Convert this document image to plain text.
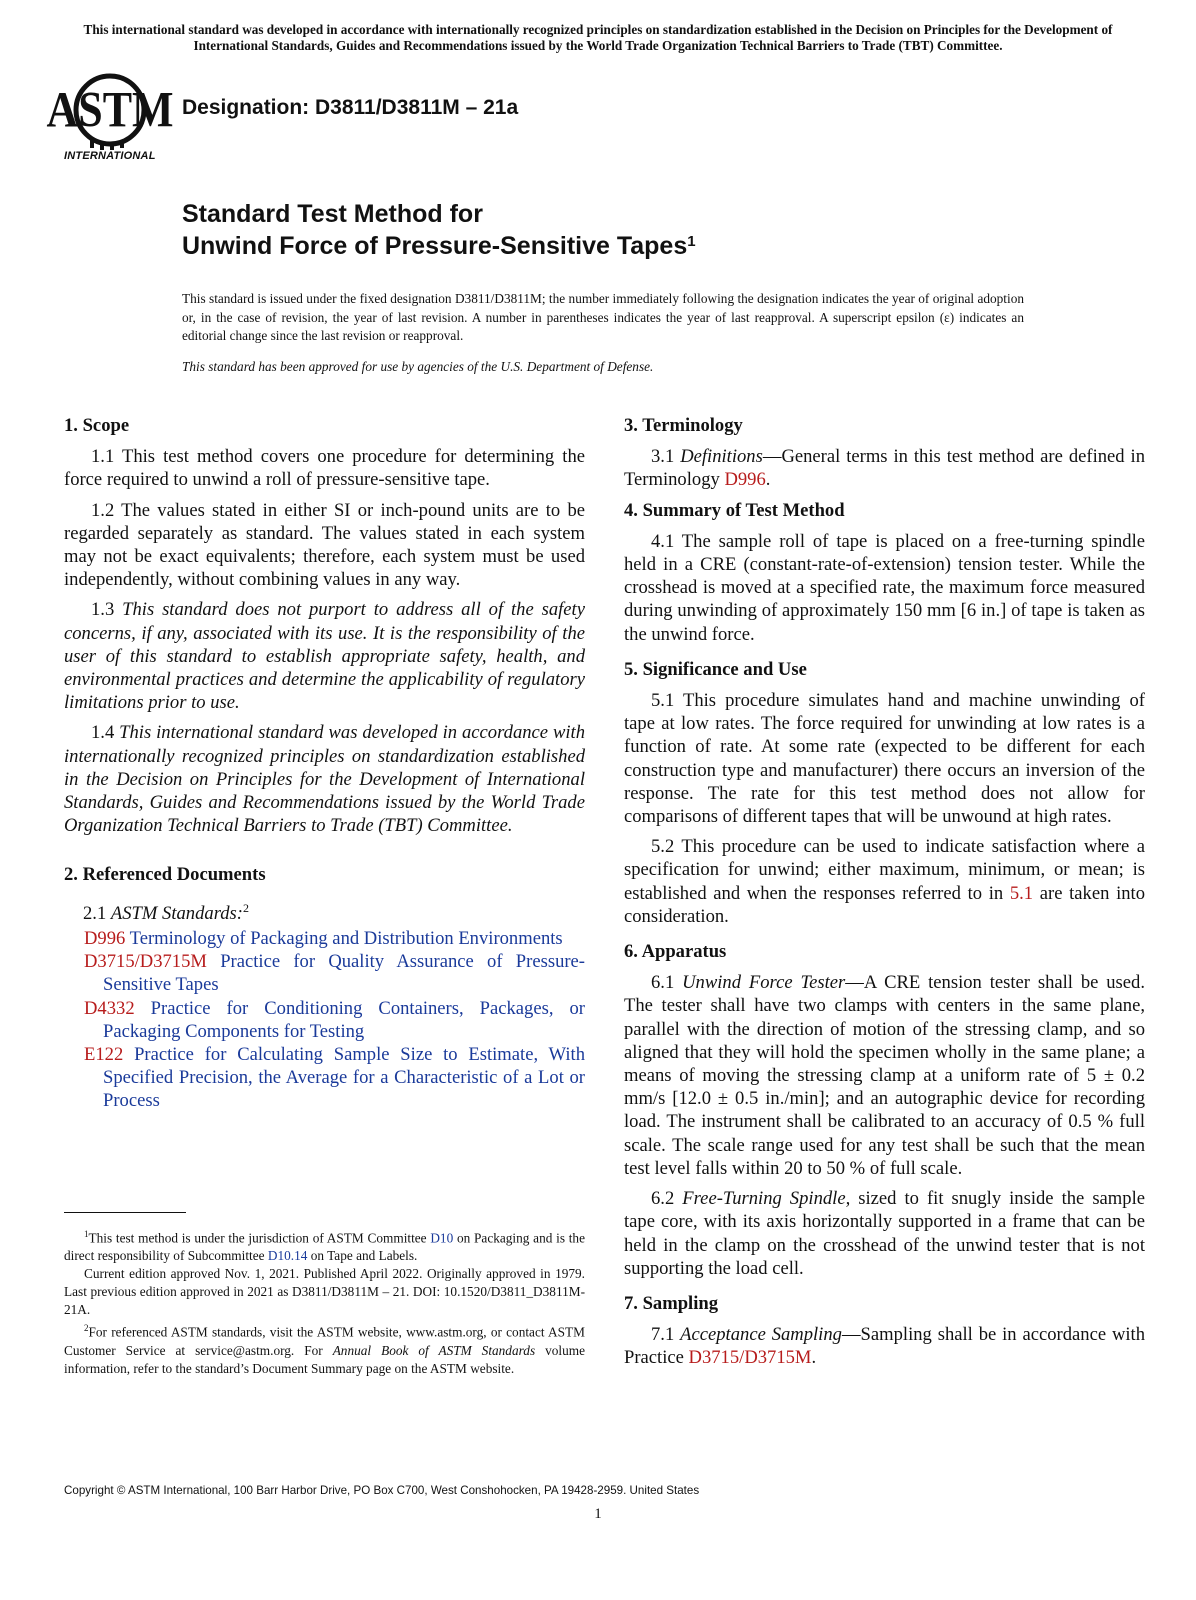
This international standard was developed in accordance with internationally recognized principles on standardization established in the Decision on Principles for the Development of International Standards, Guides and Recommendations issued by the World Trade Organization Technical Barriers to Trade (TBT) Committee.
ASTM
INTERNATIONAL
Designation: D3811/D3811M – 21a
Standard Test Method for
Unwind Force of Pressure-Sensitive Tapes$^1$
This standard is issued under the fixed designation D3811/D3811M; the number immediately following the designation indicates the year of original adoption or, in the case of revision, the year of last revision. A number in parentheses indicates the year of last reapproval. A superscript epsilon (ε) indicates an editorial change since the last revision or reapproval.
This standard has been approved for use by agencies of the U.S. Department of Defense.
1. Scope

1.1 This test method covers one procedure for determining the force required to unwind a roll of pressure-sensitive tape.

1.2 The values stated in either SI or inch-pound units are to be regarded separately as standard. The values stated in each system may not be exact equivalents; therefore, each system must be used independently, without combining values in any way.

1.3 This standard does not purport to address all of the safety concerns, if any, associated with its use. It is the responsibility of the user of this standard to establish appropriate safety, health, and environmental practices and determine the applicability of regulatory limitations prior to use.

1.4 This international standard was developed in accordance with internationally recognized principles on standardization established in the Decision on Principles for the Development of International Standards, Guides and Recommendations issued by the World Trade Organization Technical Barriers to Trade (TBT) Committee.

2. Referenced Documents
2.1 ASTM Standards:$^2$
D996 Terminology of Packaging and Distribution Environments
D3715/D3715M Practice for Quality Assurance of Pressure-Sensitive Tapes
D4332 Practice for Conditioning Containers, Packages, or Packaging Components for Testing
E122 Practice for Calculating Sample Size to Estimate, With Specified Precision, the Average for a Characteristic of a Lot or Process

$^1$This test method is under the jurisdiction of ASTM Committee D10 on Packaging and is the direct responsibility of Subcommittee D10.14 on Tape and Labels.

Current edition approved Nov. 1, 2021. Published April 2022. Originally approved in 1979. Last previous edition approved in 2021 as D3811/D3811M – 21. DOI: 10.1520/D3811_D3811M-21A.

$^2$For referenced ASTM standards, visit the ASTM website, www.astm.org, or contact ASTM Customer Service at service@astm.org. For Annual Book of ASTM Standards volume information, refer to the standard’s Document Summary page on the ASTM website.

3. Terminology

3.1 Definitions—General terms in this test method are defined in Terminology D996.

4. Summary of Test Method

4.1 The sample roll of tape is placed on a free-turning spindle held in a CRE (constant-rate-of-extension) tension tester. While the crosshead is moved at a specified rate, the maximum force measured during unwinding of approximately 150 mm [6 in.] of tape is taken as the unwind force.

5. Significance and Use

5.1 This procedure simulates hand and machine unwinding of tape at low rates. The force required for unwinding at low rates is a function of rate. At some rate (expected to be different for each construction type and manufacturer) there occurs an inversion of the response. The rate for this test method does not allow for comparisons of different tapes that will be unwound at high rates.

5.2 This procedure can be used to indicate satisfaction where a specification for unwind; either maximum, minimum, or mean; is established and when the responses referred to in 5.1 are taken into consideration.

6. Apparatus

6.1 Unwind Force Tester—A CRE tension tester shall be used. The tester shall have two clamps with centers in the same plane, parallel with the direction of motion of the stressing clamp, and so aligned that they will hold the specimen wholly in the same plane; a means of moving the stressing clamp at a uniform rate of 5 ± 0.2 mm/s [12.0 ± 0.5 in./min]; and an autographic device for recording load. The instrument shall be calibrated to an accuracy of 0.5 % full scale. The scale range used for any test shall be such that the mean test level falls within 20 to 50 % of full scale.

6.2 Free-Turning Spindle, sized to fit snugly inside the sample tape core, with its axis horizontally supported in a frame that can be held in the clamp on the crosshead of the unwind tester that is not supporting the load cell.

7. Sampling

7.1 Acceptance Sampling—Sampling shall be in accordance with Practice D3715/D3715M.

Copyright © ASTM International, 100 Barr Harbor Drive, PO Box C700, West Conshohocken, PA 19428-2959. United States
1
